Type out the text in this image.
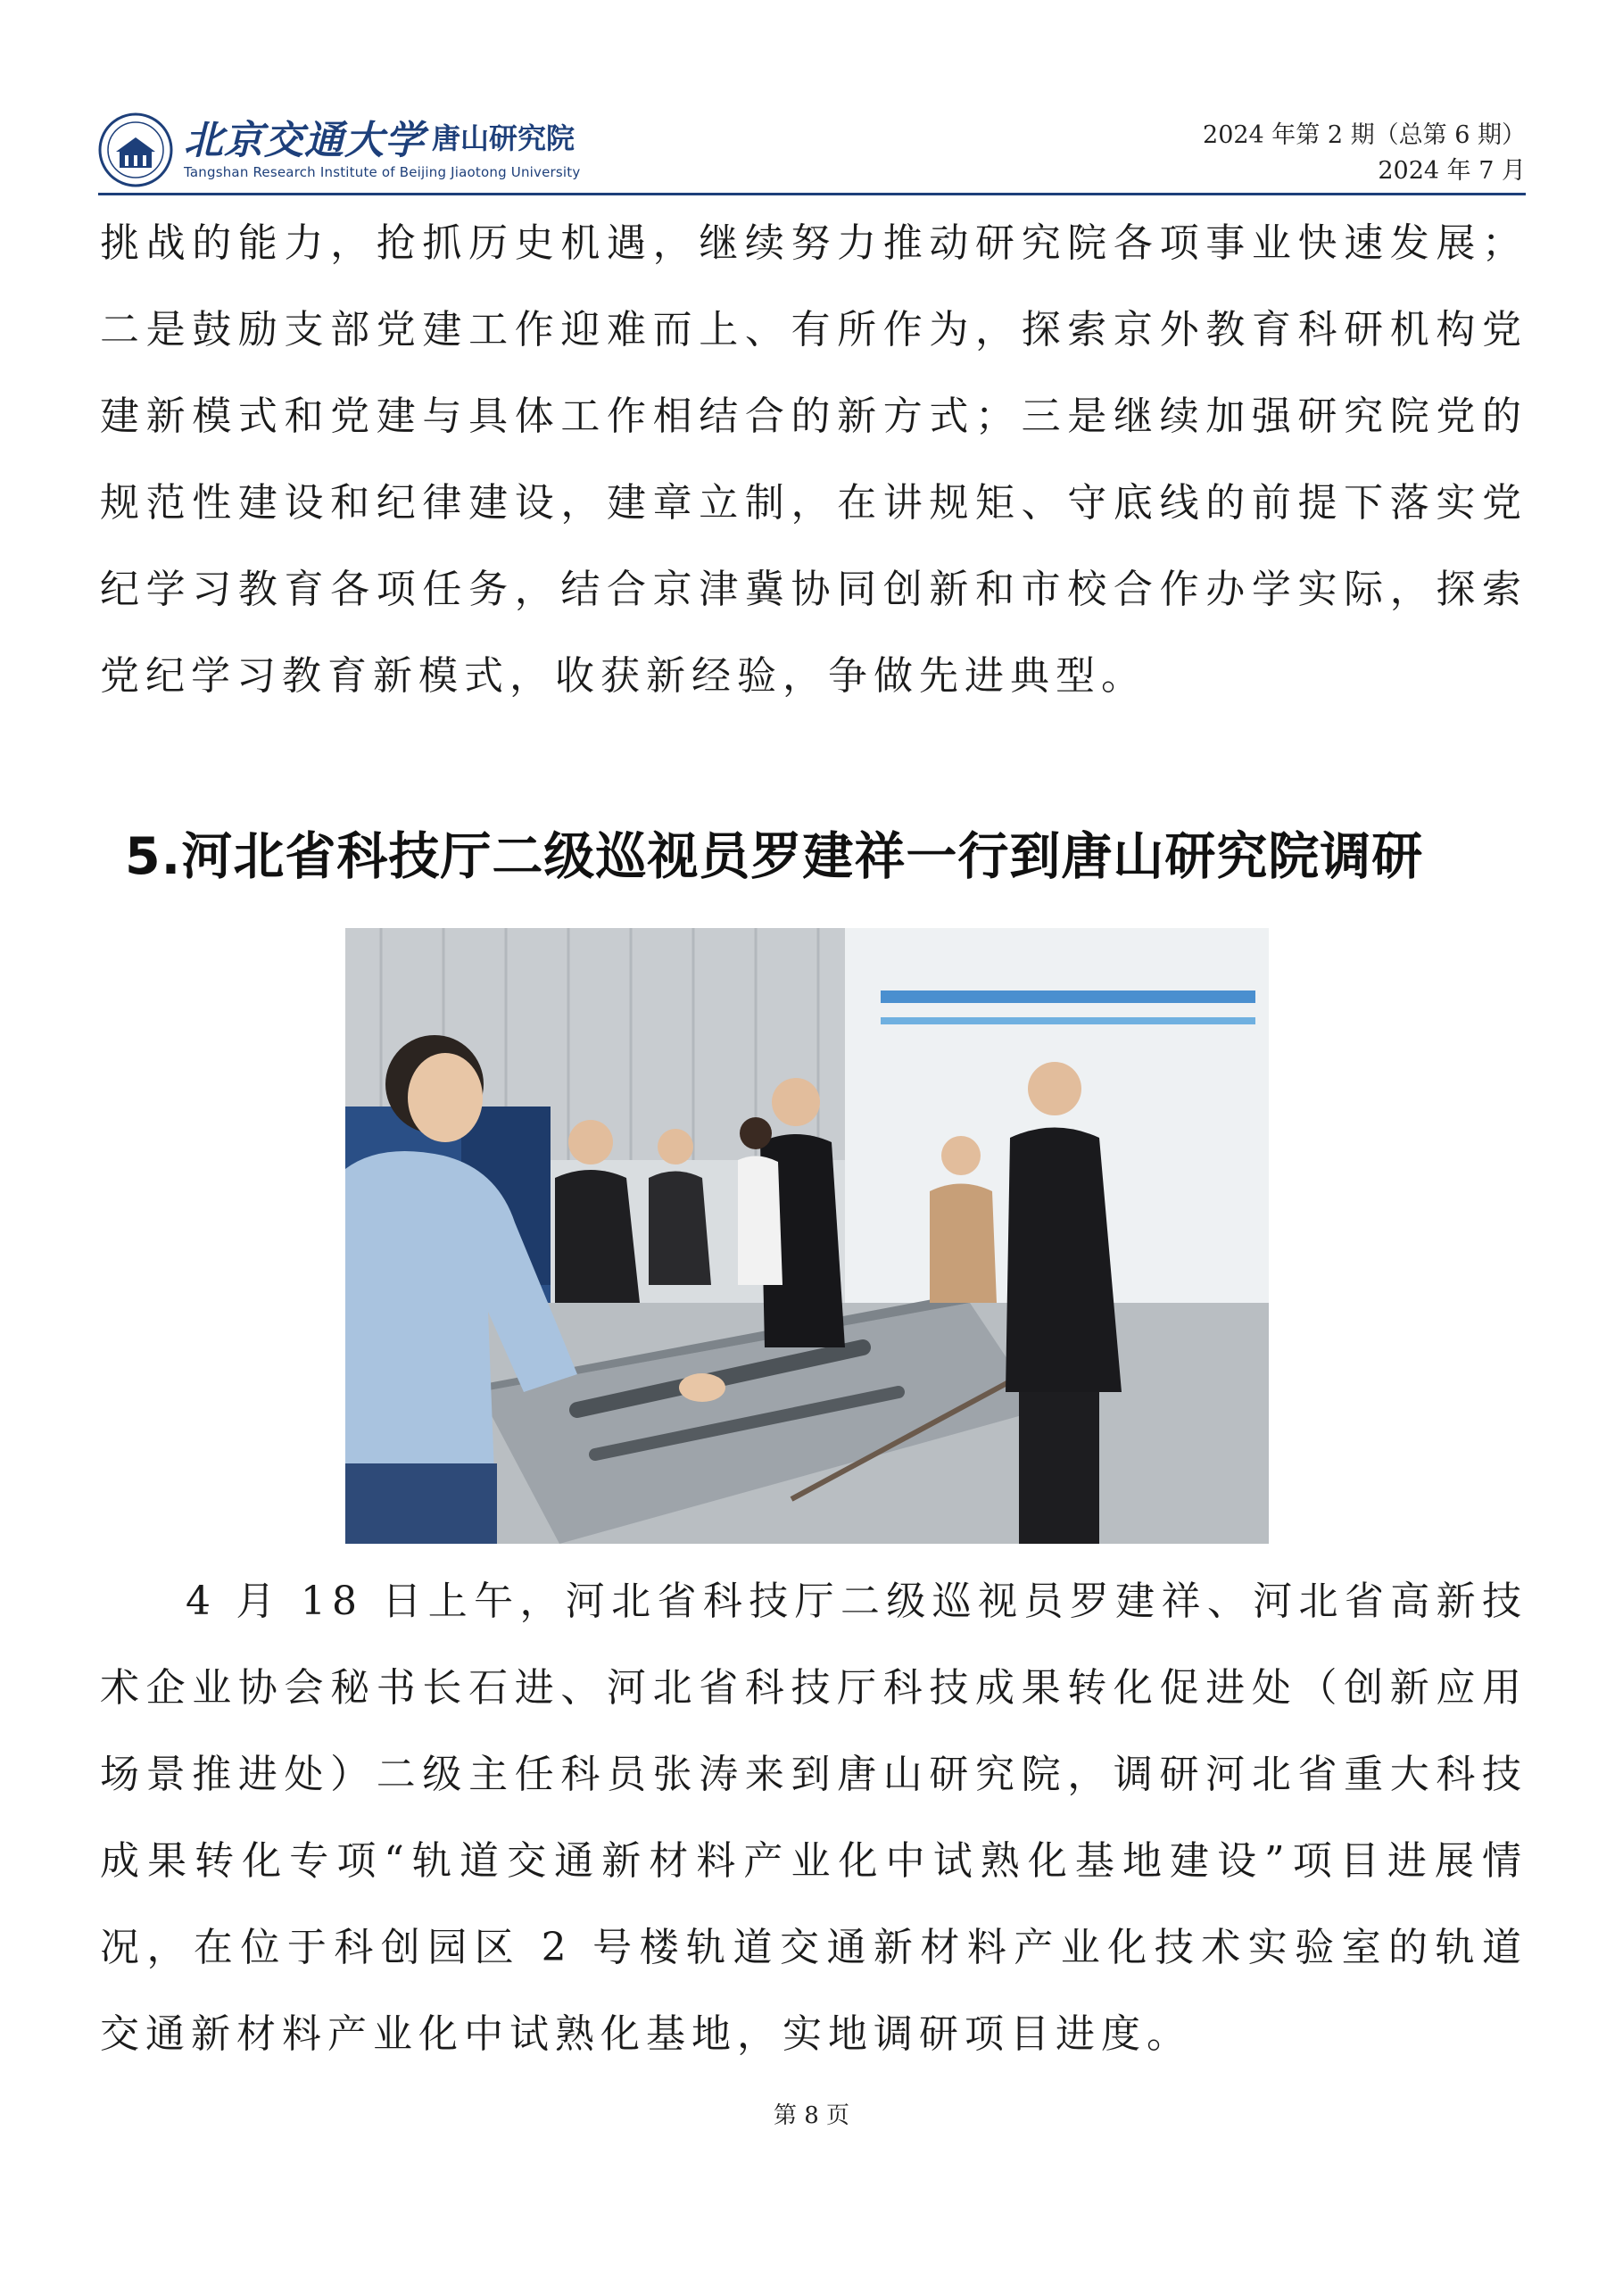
北京交通大学 唐山研究院
Tangshan Research Institute of Beijing Jiaotong University
2024 年第 2 期（总第 6 期）
2024 年 7 月

挑战的能力，抢抓历史机遇，继续努力推动研究院各项事业快速发展；二是鼓励支部党建工作迎难而上、有所作为，探索京外教育科研机构党建新模式和党建与具体工作相结合的新方式；三是继续加强研究院党的规范性建设和纪律建设，建章立制，在讲规矩、守底线的前提下落实党纪学习教育各项任务，结合京津冀协同创新和市校合作办学实际，探索党纪学习教育新模式，收获新经验，争做先进典型。

5.河北省科技厅二级巡视员罗建祥一行到唐山研究院调研

4 月 18 日上午，河北省科技厅二级巡视员罗建祥、河北省高新技术企业协会秘书长石进、河北省科技厅科技成果转化促进处（创新应用场景推进处）二级主任科员张涛来到唐山研究院，调研河北省重大科技成果转化专项“轨道交通新材料产业化中试熟化基地建设”项目进展情况，在位于科创园区 2 号楼轨道交通新材料产业化技术实验室的轨道交通新材料产业化中试熟化基地，实地调研项目进度。

第 8 页
